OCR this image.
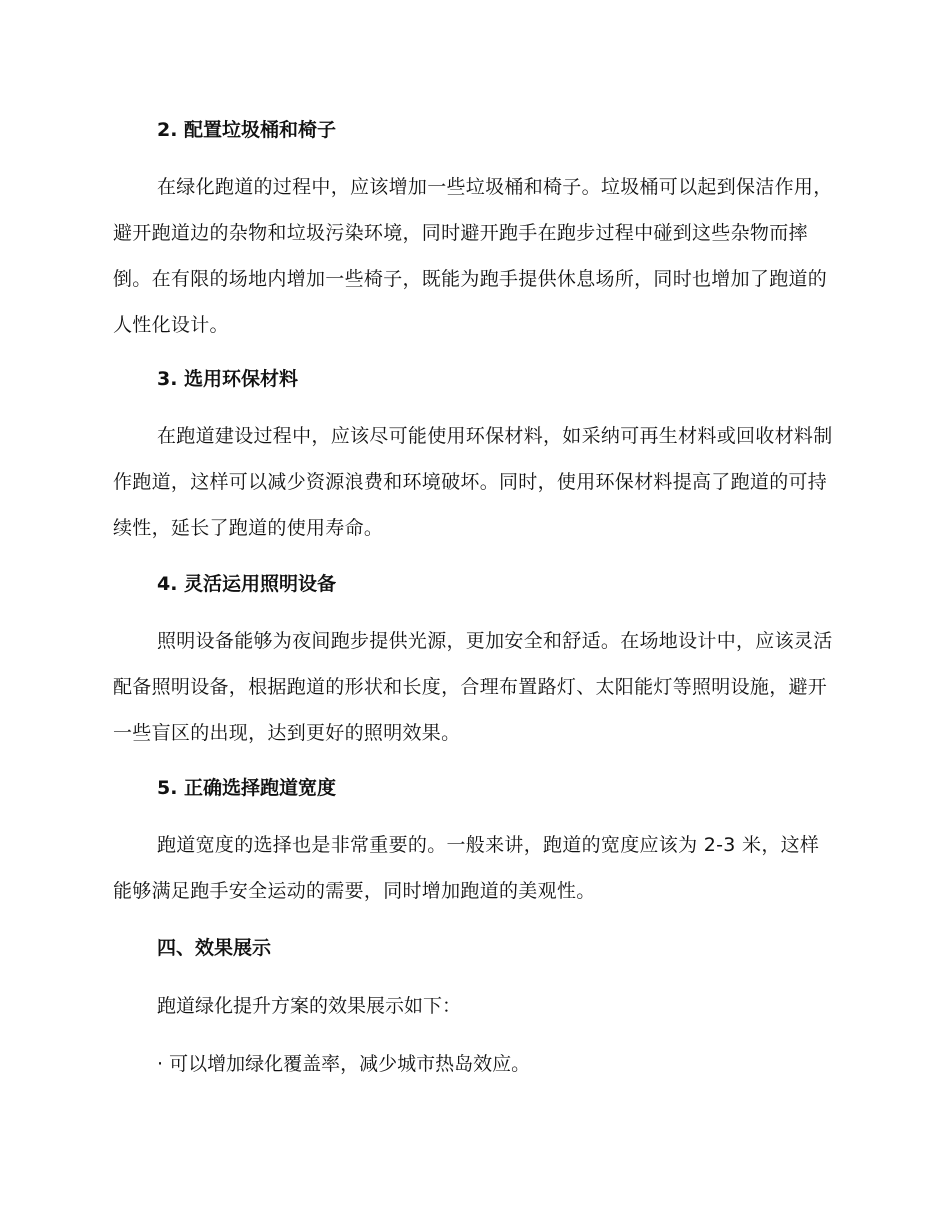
2. 配置垃圾桶和椅子

在绿化跑道的过程中，应该增加一些垃圾桶和椅子。垃圾桶可以起到保洁作用，避开跑道边的杂物和垃圾污染环境，同时避开跑手在跑步过程中碰到这些杂物而摔倒。在有限的场地内增加一些椅子，既能为跑手提供休息场所，同时也增加了跑道的人性化设计。

3. 选用环保材料

在跑道建设过程中，应该尽可能使用环保材料，如采纳可再生材料或回收材料制作跑道，这样可以减少资源浪费和环境破坏。同时，使用环保材料提高了跑道的可持续性，延长了跑道的使用寿命。

4. 灵活运用照明设备

照明设备能够为夜间跑步提供光源，更加安全和舒适。在场地设计中，应该灵活配备照明设备，根据跑道的形状和长度，合理布置路灯、太阳能灯等照明设施，避开一些盲区的出现，达到更好的照明效果。

5. 正确选择跑道宽度

跑道宽度的选择也是非常重要的。一般来讲，跑道的宽度应该为 2-3 米，这样能够满足跑手安全运动的需要，同时增加跑道的美观性。

四、效果展示
跑道绿化提升方案的效果展示如下：
· 可以增加绿化覆盖率，减少城市热岛效应。
